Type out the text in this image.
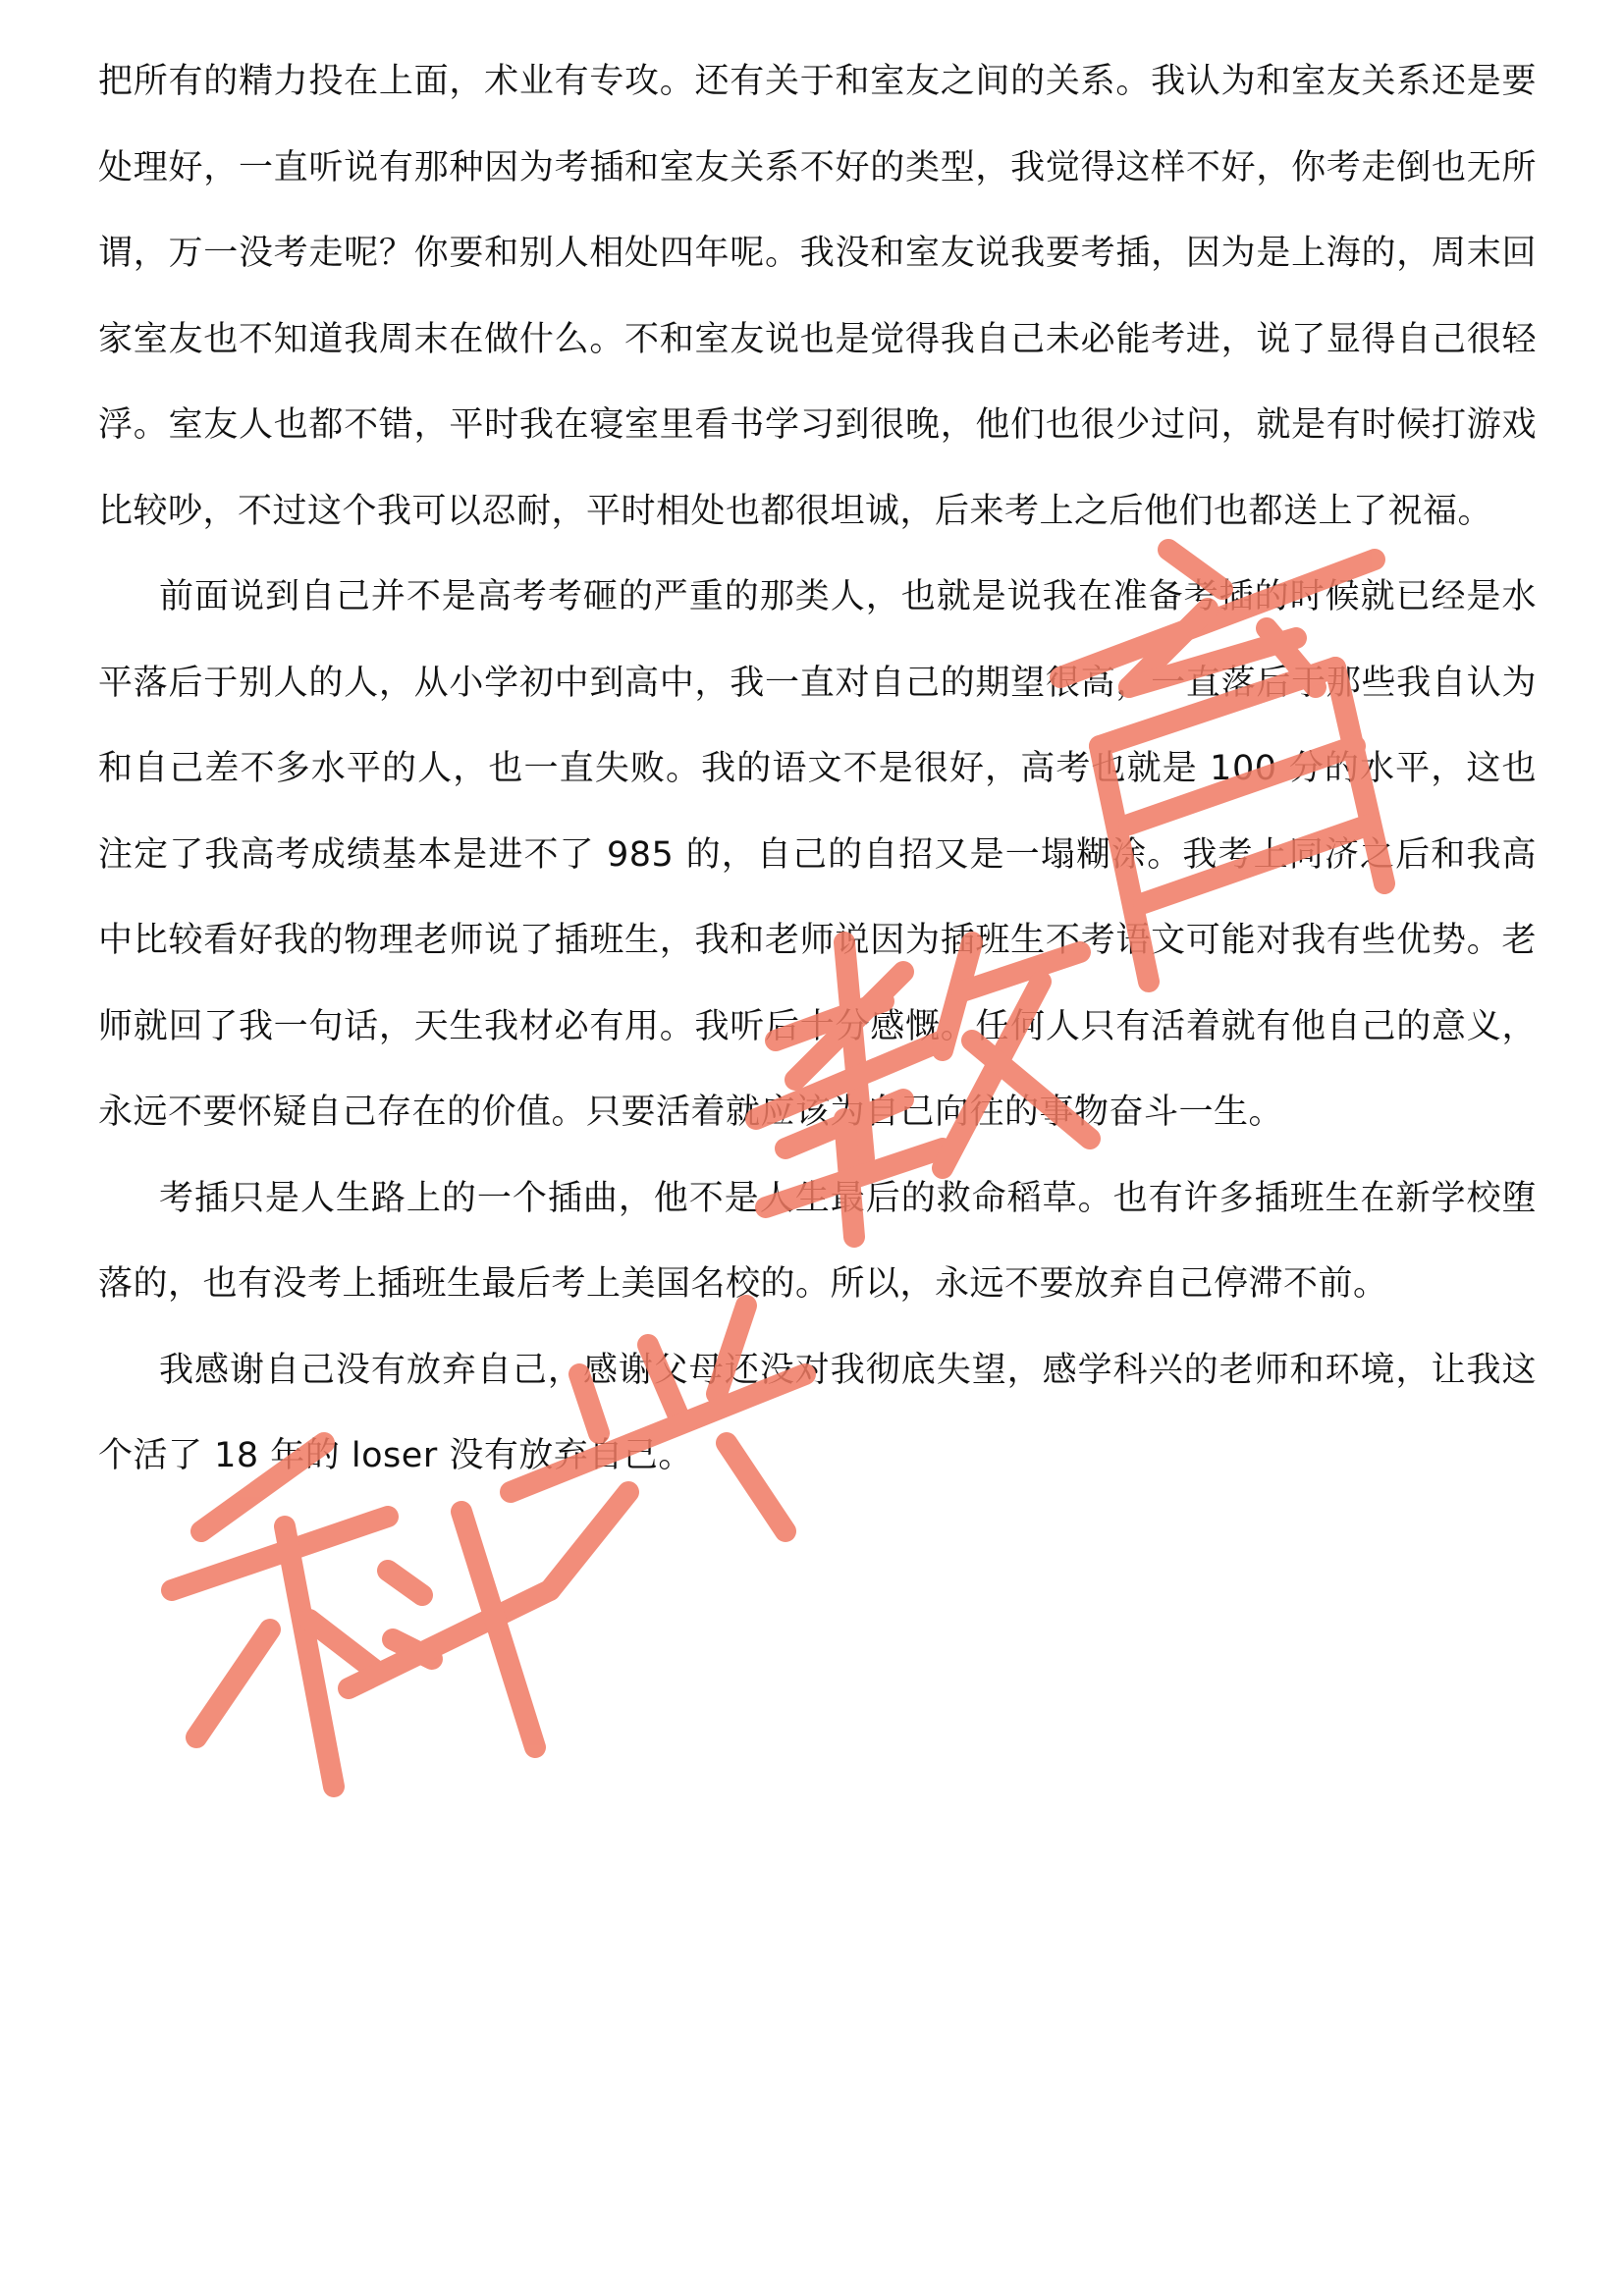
把所有的精力投在上面，术业有专攻。还有关于和室友之间的关系。我认为和室友关系还是要处理好，一直听说有那种因为考插和室友关系不好的类型，我觉得这样不好，你考走倒也无所谓，万一没考走呢？你要和别人相处四年呢。我没和室友说我要考插，因为是上海的，周末回家室友也不知道我周末在做什么。不和室友说也是觉得我自己未必能考进，说了显得自己很轻浮。室友人也都不错，平时我在寝室里看书学习到很晚，他们也很少过问，就是有时候打游戏比较吵，不过这个我可以忍耐，平时相处也都很坦诚，后来考上之后他们也都送上了祝福。

前面说到自己并不是高考考砸的严重的那类人，也就是说我在准备考插的时候就已经是水平落后于别人的人，从小学初中到高中，我一直对自己的期望很高，一直落后于那些我自认为和自己差不多水平的人，也一直失败。我的语文不是很好，高考也就是 100 分的水平，这也注定了我高考成绩基本是进不了 985 的，自己的自招又是一塌糊涂。我考上同济之后和我高中比较看好我的物理老师说了插班生，我和老师说因为插班生不考语文可能对我有些优势。老师就回了我一句话，天生我材必有用。我听后十分感慨。任何人只有活着就有他自己的意义，永远不要怀疑自己存在的价值。只要活着就应该为自己向往的事物奋斗一生。

考插只是人生路上的一个插曲，他不是人生最后的救命稻草。也有许多插班生在新学校堕落的，也有没考上插班生最后考上美国名校的。所以，永远不要放弃自己停滞不前。

我感谢自己没有放弃自己，感谢父母还没对我彻底失望，感学科兴的老师和环境，让我这个活了 18 年的 loser 没有放弃自己。
